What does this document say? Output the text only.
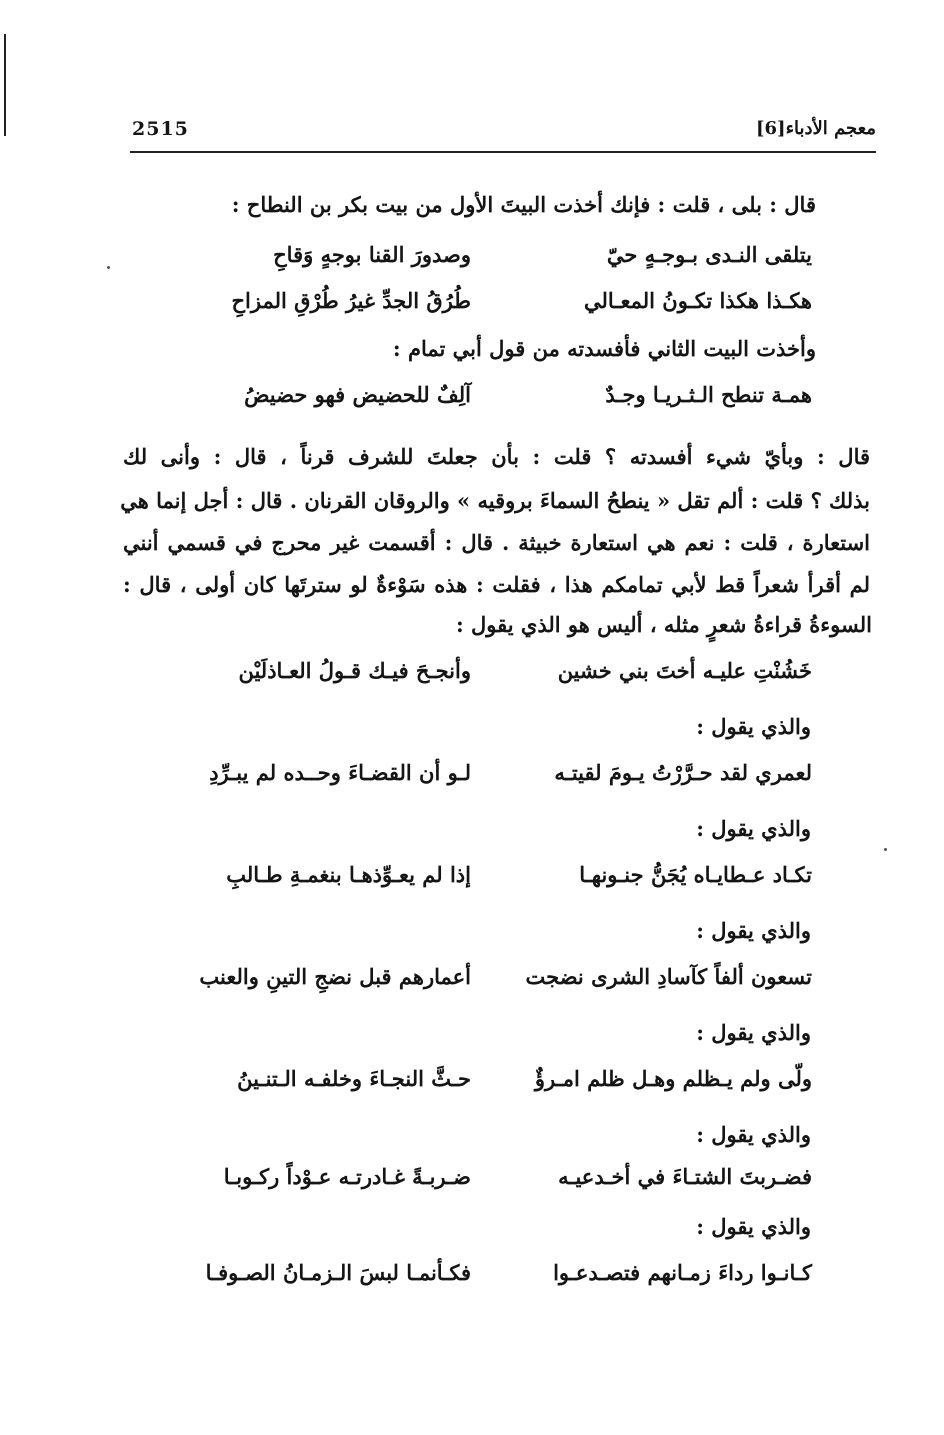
2515	معجم الأدباء[6]
قال : بلى ، قلت : فإنك أخذت البيتَ الأول من بيت بكر بن النطاح :
يتلقى النـدى بـوجـهٍ حيّ
وصدورَ القنا بوجهٍ وَقاحِ
هكـذا هكذا تكـونُ المعـالي
طُرُقُ الجدِّ غيرُ طُرْقِ المزاحِ
وأخذت البيت الثاني فأفسدته من قول أبي تمام :
همـة تنطح الـثـريـا وجـدٌ
آلِفٌ للحضيض فهو حضيضُ
قال : وبأيّ شيء أفسدته ؟ قلت : بأن جعلتَ للشرف قرناً ، قال : وأنى لك
بذلك ؟ قلت : ألم تقل « ينطحُ السماءَ بروقيه » والروقان القرنان . قال : أجل إنما هي
استعارة ، قلت : نعم هي استعارة خبيثة . قال : أقسمت غير محرج في قسمي أنني
لم أقرأ شعراً قط لأبي تمامكم هذا ، فقلت : هذه سَوْءةٌ لو سترتَها كان أولى ، قال :
السوءةُ قراءةُ شعرٍ مثله ، أليس هو الذي يقول :
خَشُنْتِ عليـه أختَ بني خشين
وأنجـحَ فيـك قـولُ العـاذلَيْن
والذي يقول :
لعمري لقد حـرَّرْتُ يـومَ لقيتـه
لـو أن القضـاءَ وحــده لم يبـرِّدِ
والذي يقول :
تكـاد عـطايـاه يُجَنُّ جنـونهـا
إذا لم يعـوِّذهـا بنغمـةِ طـالبِ
والذي يقول :
تسعون ألفاً كآسادِ الشرى نضجت
أعمارهم قبل نضجِ التينِ والعنب
والذي يقول :
ولّى ولم يـظلم وهـل ظلم امـرؤٌ
حـثَّ النجـاءَ وخلفـه الـتنـينُ
والذي يقول :
فضـربتَ الشتـاءَ في أخـدعيـه
ضـربـةً غـادرتـه عـوْداً ركـوبـا
والذي يقول :
كـانـوا رداءَ زمـانهم فتصـدعـوا
فكـأنمـا لبسَ الـزمـانُ الصـوفـا
